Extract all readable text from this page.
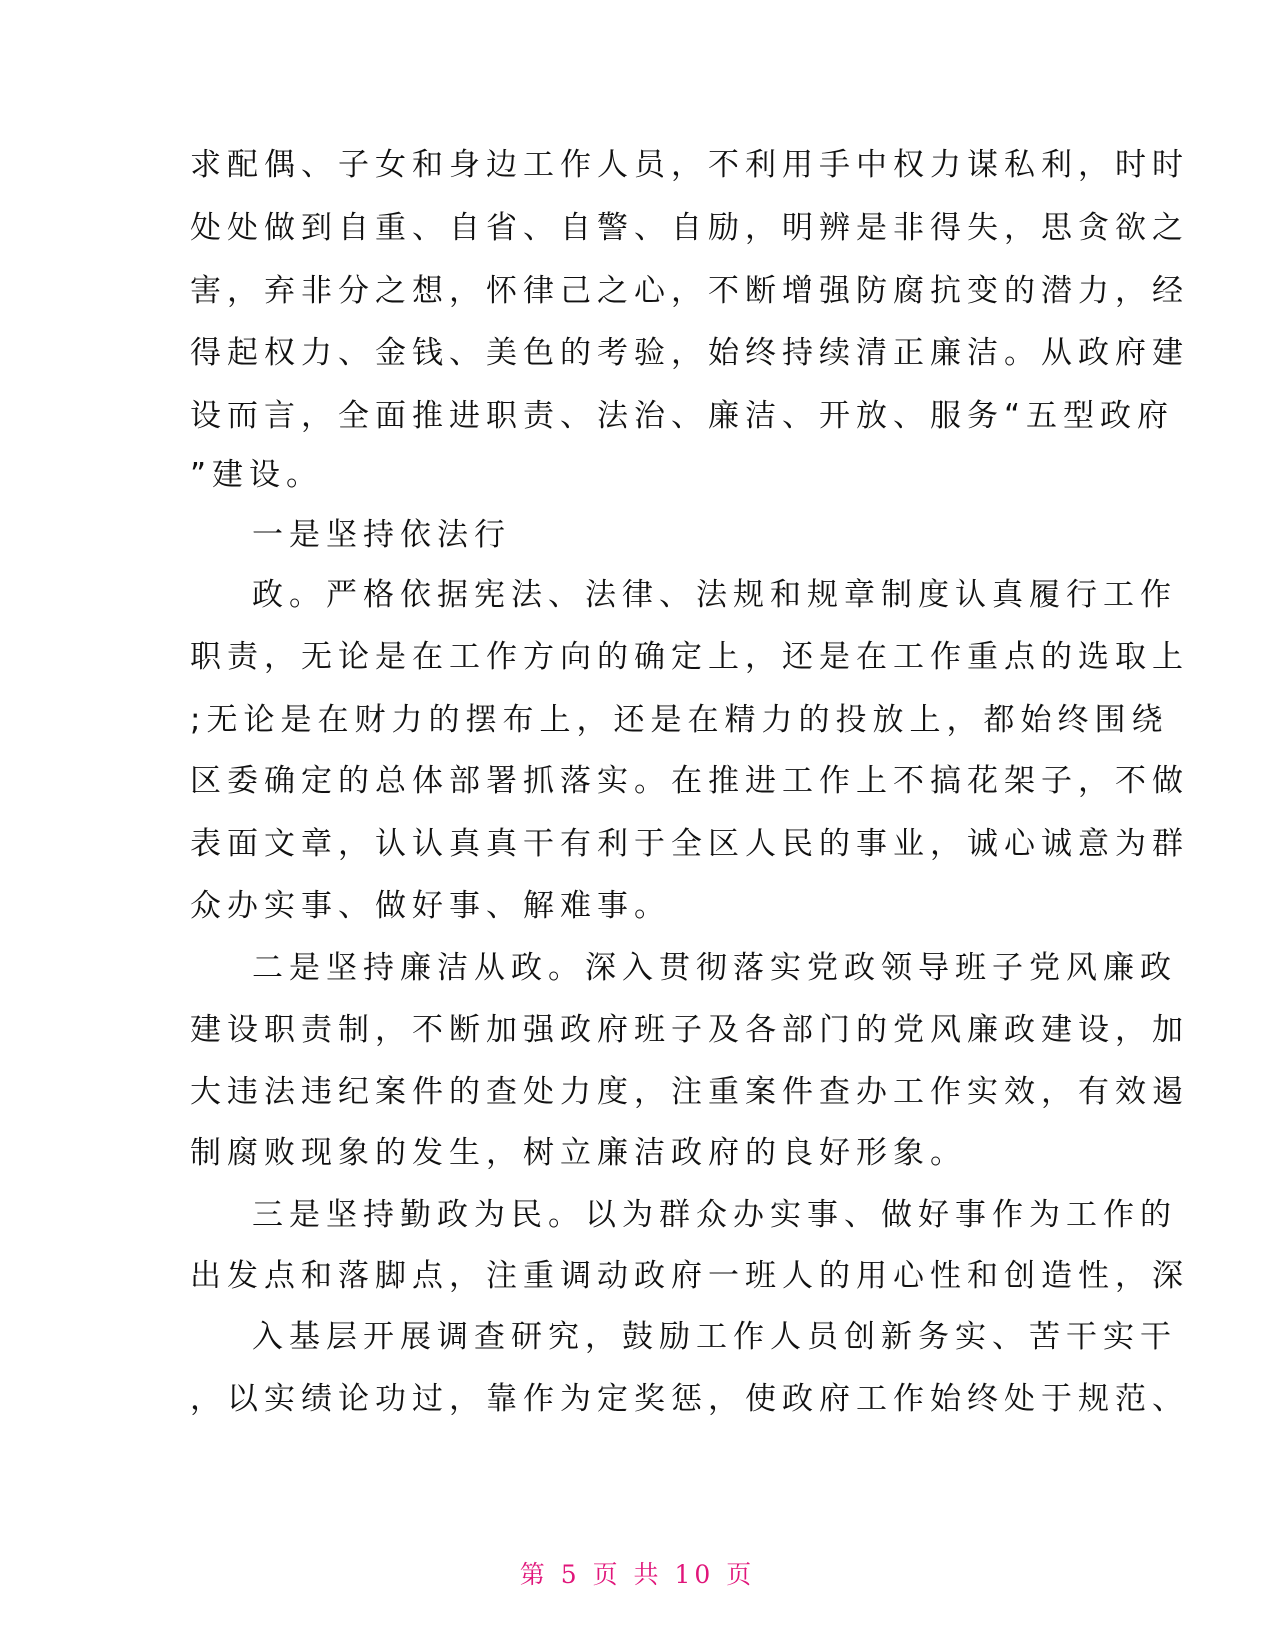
求配偶、子女和身边工作人员，不利用手中权力谋私利，时时
处处做到自重、自省、自警、自励，明辨是非得失，思贪欲之
害，弃非分之想，怀律己之心，不断增强防腐抗变的潜力，经
得起权力、金钱、美色的考验，始终持续清正廉洁。从政府建
设而言，全面推进职责、法治、廉洁、开放、服务“五型政府
”建设。
一是坚持依法行
政。严格依据宪法、法律、法规和规章制度认真履行工作
职责，无论是在工作方向的确定上，还是在工作重点的选取上
;无论是在财力的摆布上，还是在精力的投放上，都始终围绕
区委确定的总体部署抓落实。在推进工作上不搞花架子，不做
表面文章，认认真真干有利于全区人民的事业，诚心诚意为群
众办实事、做好事、解难事。
二是坚持廉洁从政。深入贯彻落实党政领导班子党风廉政
建设职责制，不断加强政府班子及各部门的党风廉政建设，加
大违法违纪案件的查处力度，注重案件查办工作实效，有效遏
制腐败现象的发生，树立廉洁政府的良好形象。
三是坚持勤政为民。以为群众办实事、做好事作为工作的
出发点和落脚点，注重调动政府一班人的用心性和创造性，深
入基层开展调查研究，鼓励工作人员创新务实、苦干实干
，以实绩论功过，靠作为定奖惩，使政府工作始终处于规范、
第 5 页 共 10 页
